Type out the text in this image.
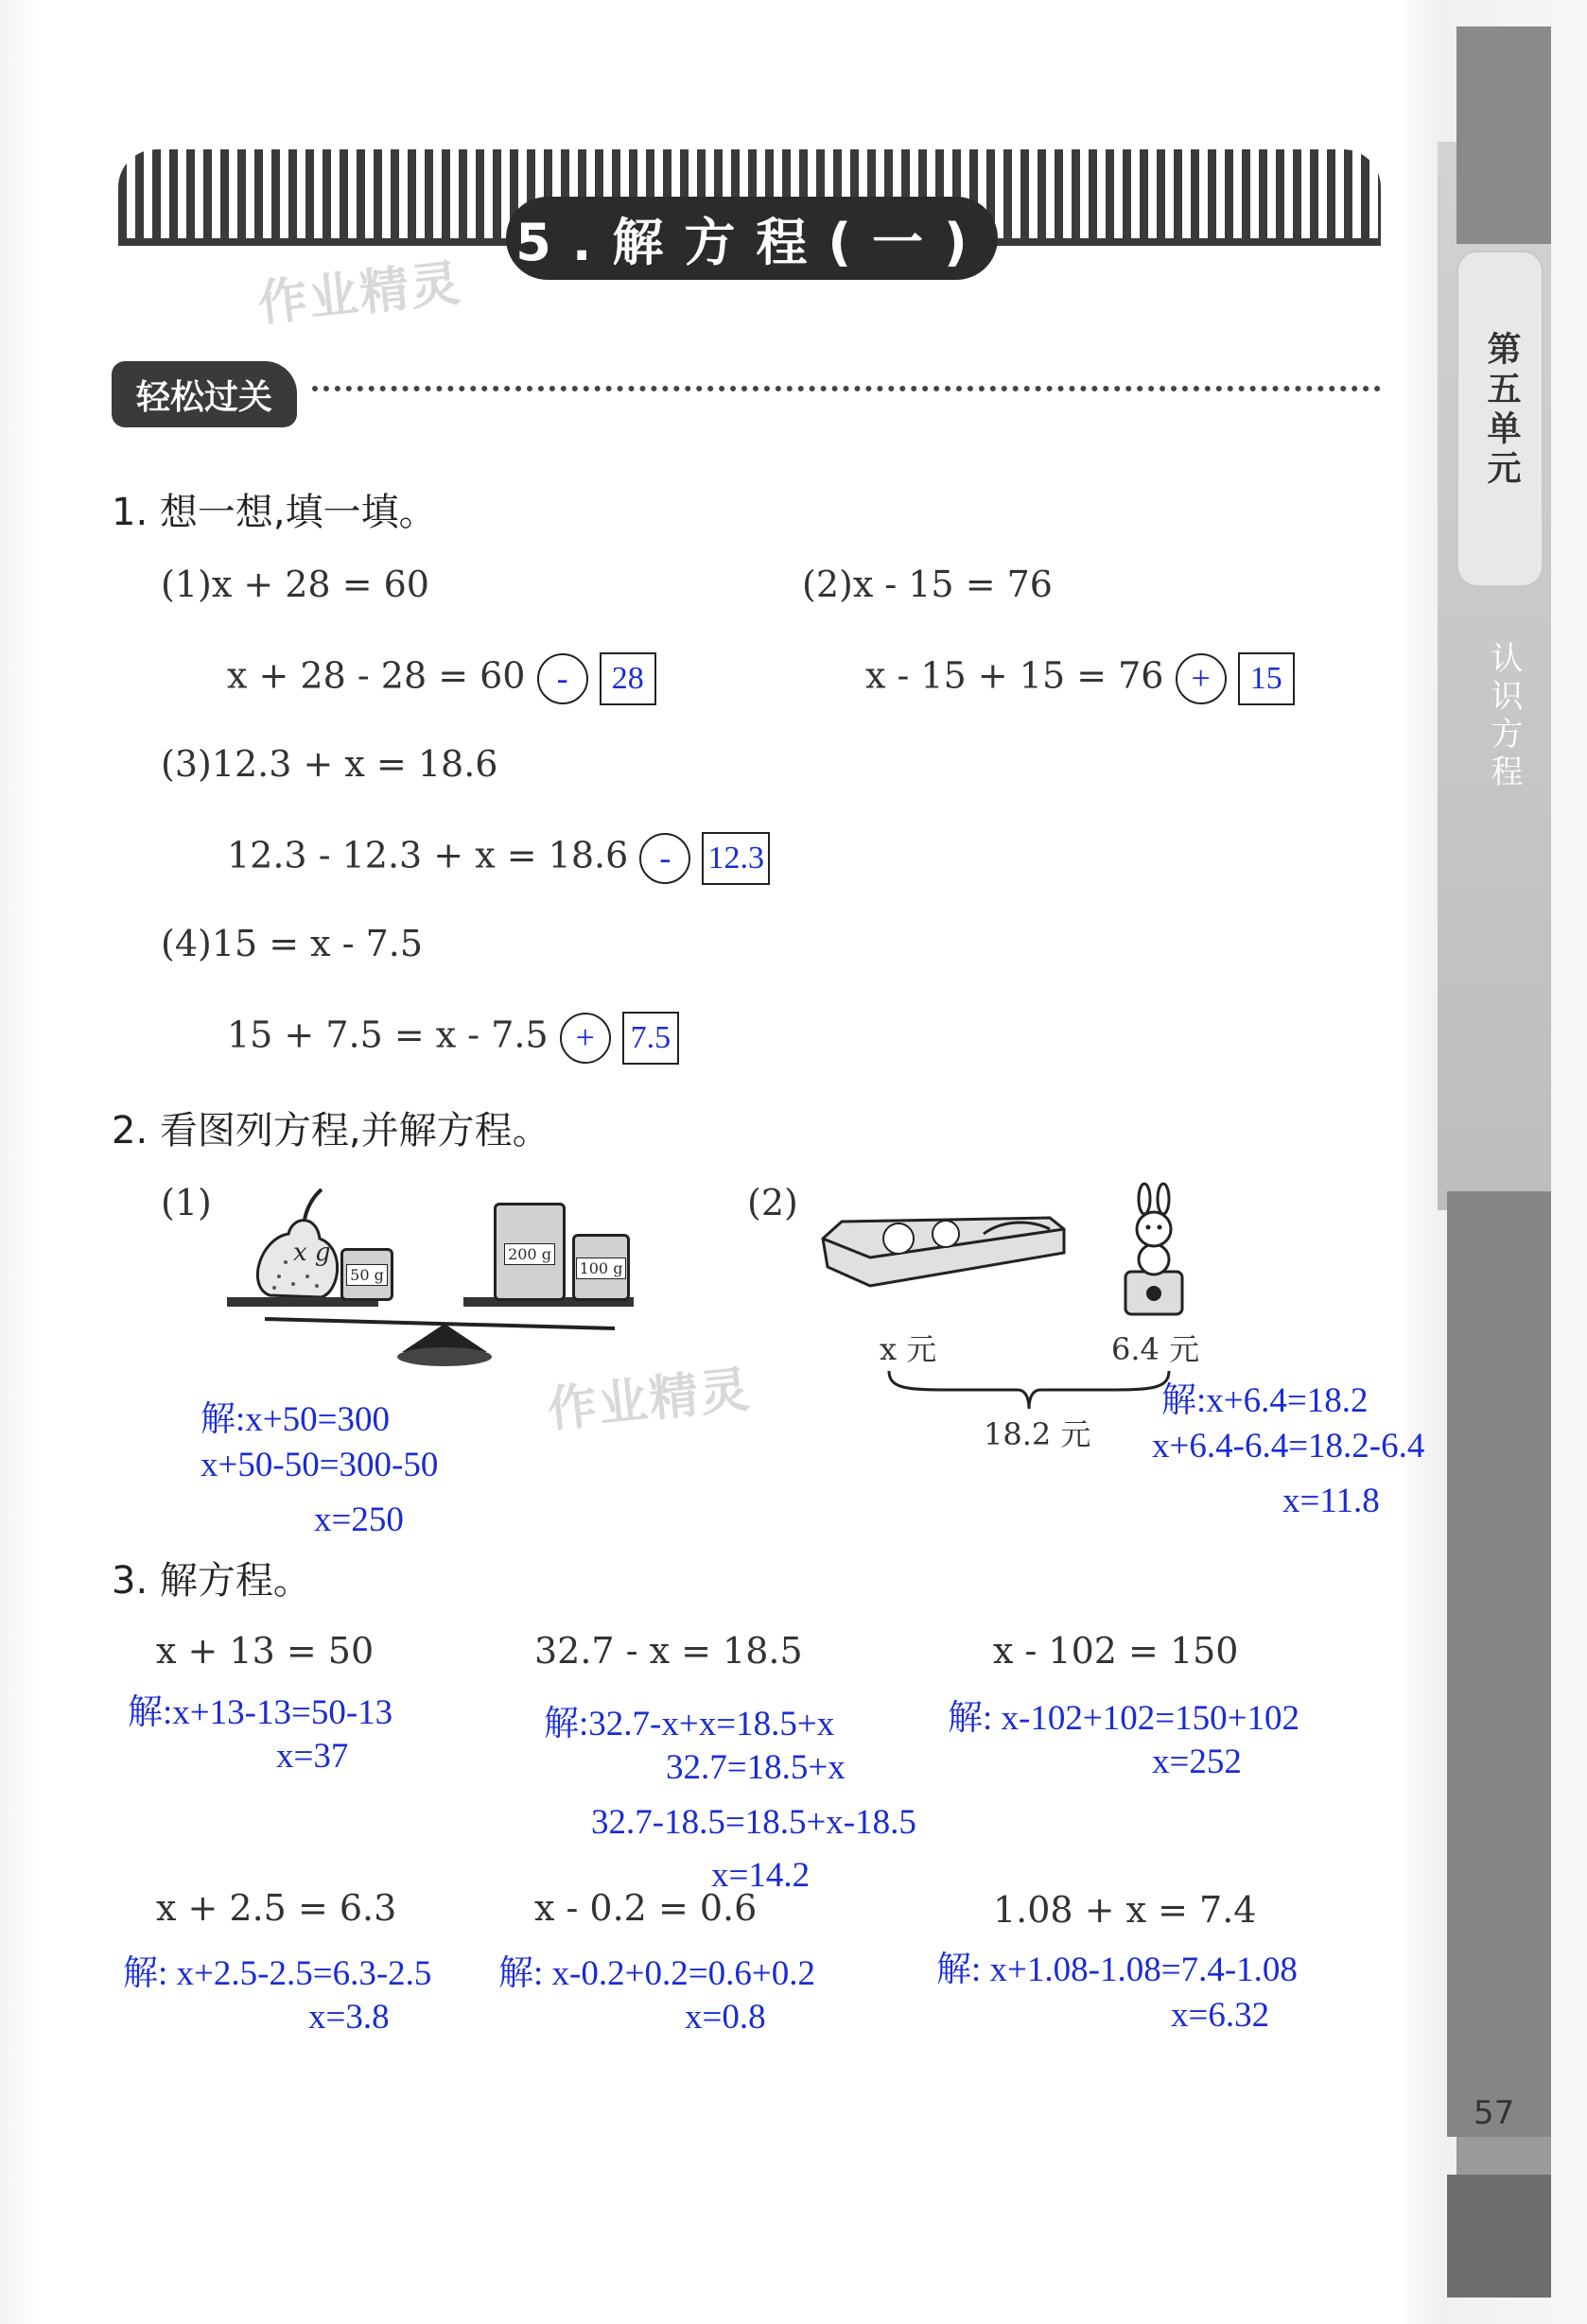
第五单元
认识方程
57
5.解方程(一)
作业精灵
轻松过关
1. 想一想,填一填。
(1)x + 28 = 60
x + 28 - 28 = 60 - 28
(2)x - 15 = 76
x - 15 + 15 = 76 + 15
(3)12.3 + x = 18.6
12.3 - 12.3 + x = 18.6 - 12.3
(4)15 = x - 7.5
15 + 7.5 = x - 7.5 + 7.5
2. 看图列方程,并解方程。
(1)
x g
50 g
200 g
100 g
作业精灵
解:x+50=300
x+50-50=300-50
x=250
(2)
x 元	6.4 元
18.2 元
解:x+6.4=18.2
x+6.4-6.4=18.2-6.4
x=11.8
3. 解方程。
x + 13 = 50
解:x+13-13=50-13
x=37
32.7 - x = 18.5
解:32.7-x+x=18.5+x
32.7=18.5+x
32.7-18.5=18.5+x-18.5
x=14.2
x - 102 = 150
解: x-102+102=150+102
x=252
x + 2.5 = 6.3
解: x+2.5-2.5=6.3-2.5
x=3.8
x - 0.2 = 0.6
解: x-0.2+0.2=0.6+0.2
x=0.8
1.08 + x = 7.4
解: x+1.08-1.08=7.4-1.08
x=6.32
